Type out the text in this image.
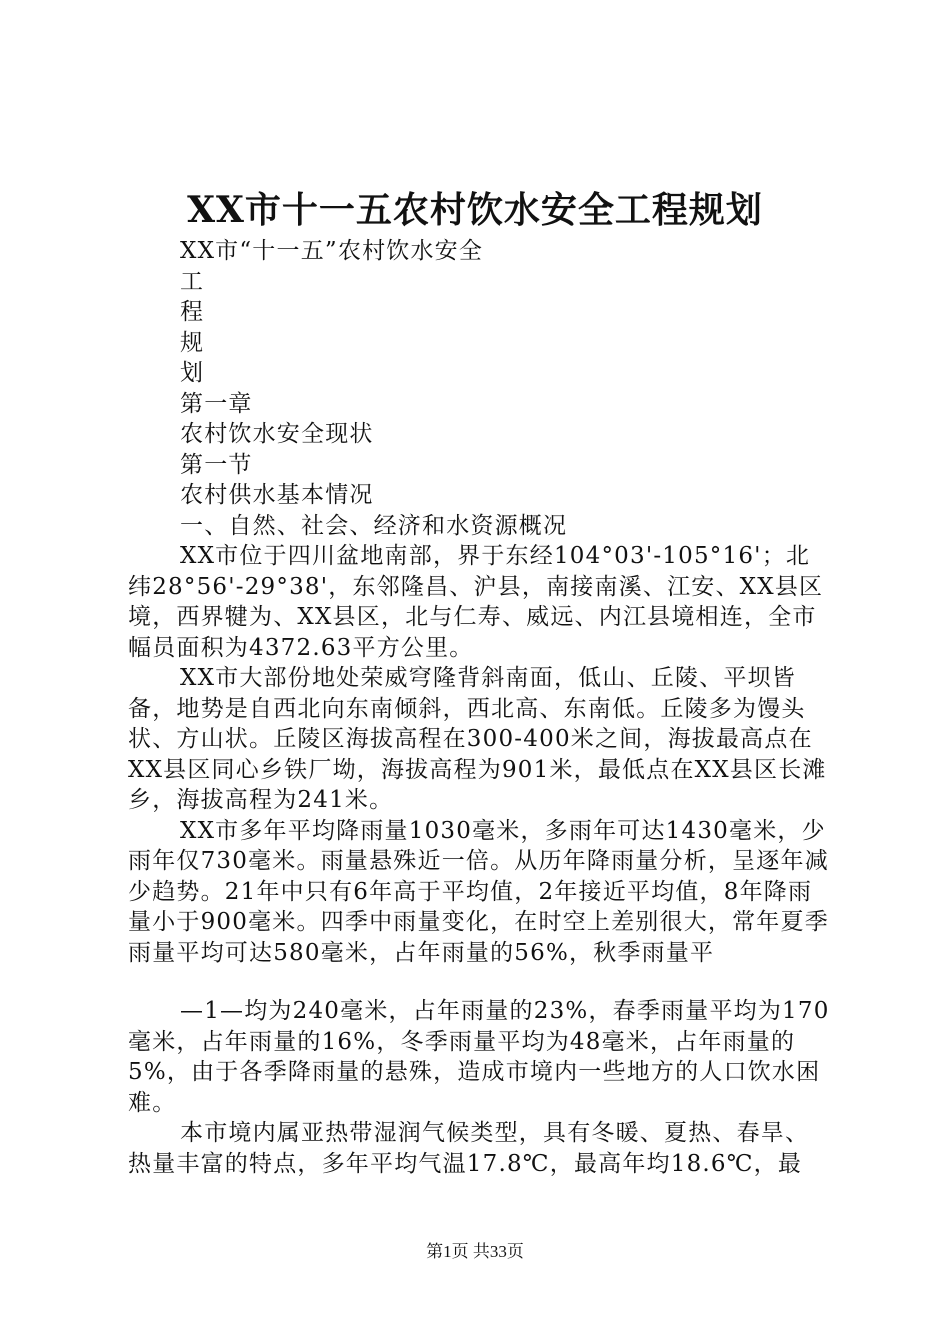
XX市十一五农村饮水安全工程规划

XX市“十一五”农村饮水安全

工

程

规

划

第一章

农村饮水安全现状

第一节

农村供水基本情况

一、自然、社会、经济和水资源概况

XX市位于四川盆地南部，界于东经104°03'-105°16'；北纬28°56'-29°38'，东邻隆昌、沪县，南接南溪、江安、XX县区境，西界犍为、XX县区，北与仁寿、威远、内江县境相连，全市幅员面积为4372.63平方公里。

XX市大部份地处荣威穹隆背斜南面，低山、丘陵、平坝皆备，地势是自西北向东南倾斜，西北高、东南低。丘陵多为馒头状、方山状。丘陵区海拔高程在300-400米之间，海拔最高点在XX县区同心乡铁厂坳，海拔高程为901米，最低点在XX县区长滩乡，海拔高程为241米。

XX市多年平均降雨量1030毫米，多雨年可达1430毫米，少雨年仅730毫米。雨量悬殊近一倍。从历年降雨量分析，呈逐年减少趋势。21年中只有6年高于平均值，2年接近平均值，8年降雨量小于900毫米。四季中雨量变化，在时空上差别很大，常年夏季雨量平均可达580毫米，占年雨量的56%，秋季雨量平

—1—均为240毫米，占年雨量的23%，春季雨量平均为170毫米，占年雨量的16%，冬季雨量平均为48毫米，占年雨量的5%，由于各季降雨量的悬殊，造成市境内一些地方的人口饮水困难。

本市境内属亚热带湿润气候类型，具有冬暖、夏热、春旱、热量丰富的特点，多年平均气温17.8℃，最高年均18.6℃，最

第1页 共33页
